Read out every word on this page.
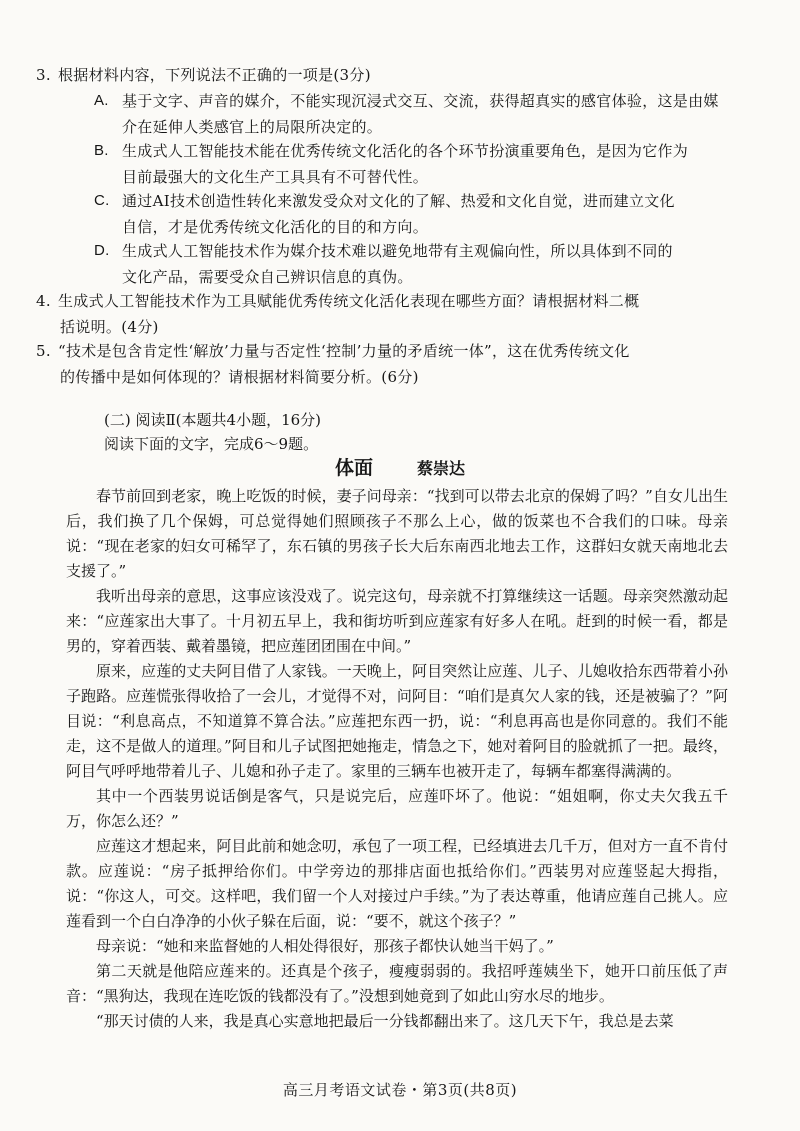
3. 根据材料内容，下列说法不正确的一项是(3分)
A. 基于文字、声音的媒介，不能实现沉浸式交互、交流，获得超真实的感官体验，这是由媒
介在延伸人类感官上的局限所决定的。
B. 生成式人工智能技术能在优秀传统文化活化的各个环节扮演重要角色，是因为它作为
目前最强大的文化生产工具具有不可替代性。
C. 通过AI技术创造性转化来激发受众对文化的了解、热爱和文化自觉，进而建立文化
自信，才是优秀传统文化活化的目的和方向。
D. 生成式人工智能技术作为媒介技术难以避免地带有主观偏向性，所以具体到不同的
文化产品，需要受众自己辨识信息的真伪。
4. 生成式人工智能技术作为工具赋能优秀传统文化活化表现在哪些方面？请根据材料二概
括说明。(4分)
5. “技术是包含肯定性‘解放’力量与否定性‘控制’力量的矛盾统一体”，这在优秀传统文化
的传播中是如何体现的？请根据材料简要分析。(6分)
(二) 阅读Ⅱ(本题共4小题，16分)
阅读下面的文字，完成6～9题。
体面	蔡崇达

春节前回到老家，晚上吃饭的时候，妻子问母亲：“找到可以带去北京的保姆了吗？”自女儿出生后，我们换了几个保姆，可总觉得她们照顾孩子不那么上心，做的饭菜也不合我们的口味。母亲说：“现在老家的妇女可稀罕了，东石镇的男孩子长大后东南西北地去工作，这群妇女就天南地北去支援了。”

我听出母亲的意思，这事应该没戏了。说完这句，母亲就不打算继续这一话题。母亲突然激动起来：“应莲家出大事了。十月初五早上，我和街坊听到应莲家有好多人在吼。赶到的时候一看，都是男的，穿着西装、戴着墨镜，把应莲团团围在中间。”

原来，应莲的丈夫阿目借了人家钱。一天晚上，阿目突然让应莲、儿子、儿媳收拾东西带着小孙子跑路。应莲慌张得收拾了一会儿，才觉得不对，问阿目：“咱们是真欠人家的钱，还是被骗了？”阿目说：“利息高点，不知道算不算合法。”应莲把东西一扔，说：“利息再高也是你同意的。我们不能走，这不是做人的道理。”阿目和儿子试图把她拖走，情急之下，她对着阿目的脸就抓了一把。最终，阿目气呼呼地带着儿子、儿媳和孙子走了。家里的三辆车也被开走了，每辆车都塞得满满的。

其中一个西装男说话倒是客气，只是说完后，应莲吓坏了。他说：“姐姐啊，你丈夫欠我五千万，你怎么还？”

应莲这才想起来，阿目此前和她念叨，承包了一项工程，已经填进去几千万，但对方一直不肯付款。应莲说：“房子抵押给你们。中学旁边的那排店面也抵给你们。”西装男对应莲竖起大拇指，说：“你这人，可交。这样吧，我们留一个人对接过户手续。”为了表达尊重，他请应莲自己挑人。应莲看到一个白白净净的小伙子躲在后面，说：“要不，就这个孩子？”

母亲说：“她和来监督她的人相处得很好，那孩子都快认她当干妈了。”

第二天就是他陪应莲来的。还真是个孩子，瘦瘦弱弱的。我招呼莲姨坐下，她开口前压低了声音：“黑狗达，我现在连吃饭的钱都没有了。”没想到她竟到了如此山穷水尽的地步。

“那天讨债的人来，我是真心实意地把最后一分钱都翻出来了。这几天下午，我总是去菜

高三月考语文试卷・第3页(共8页)
